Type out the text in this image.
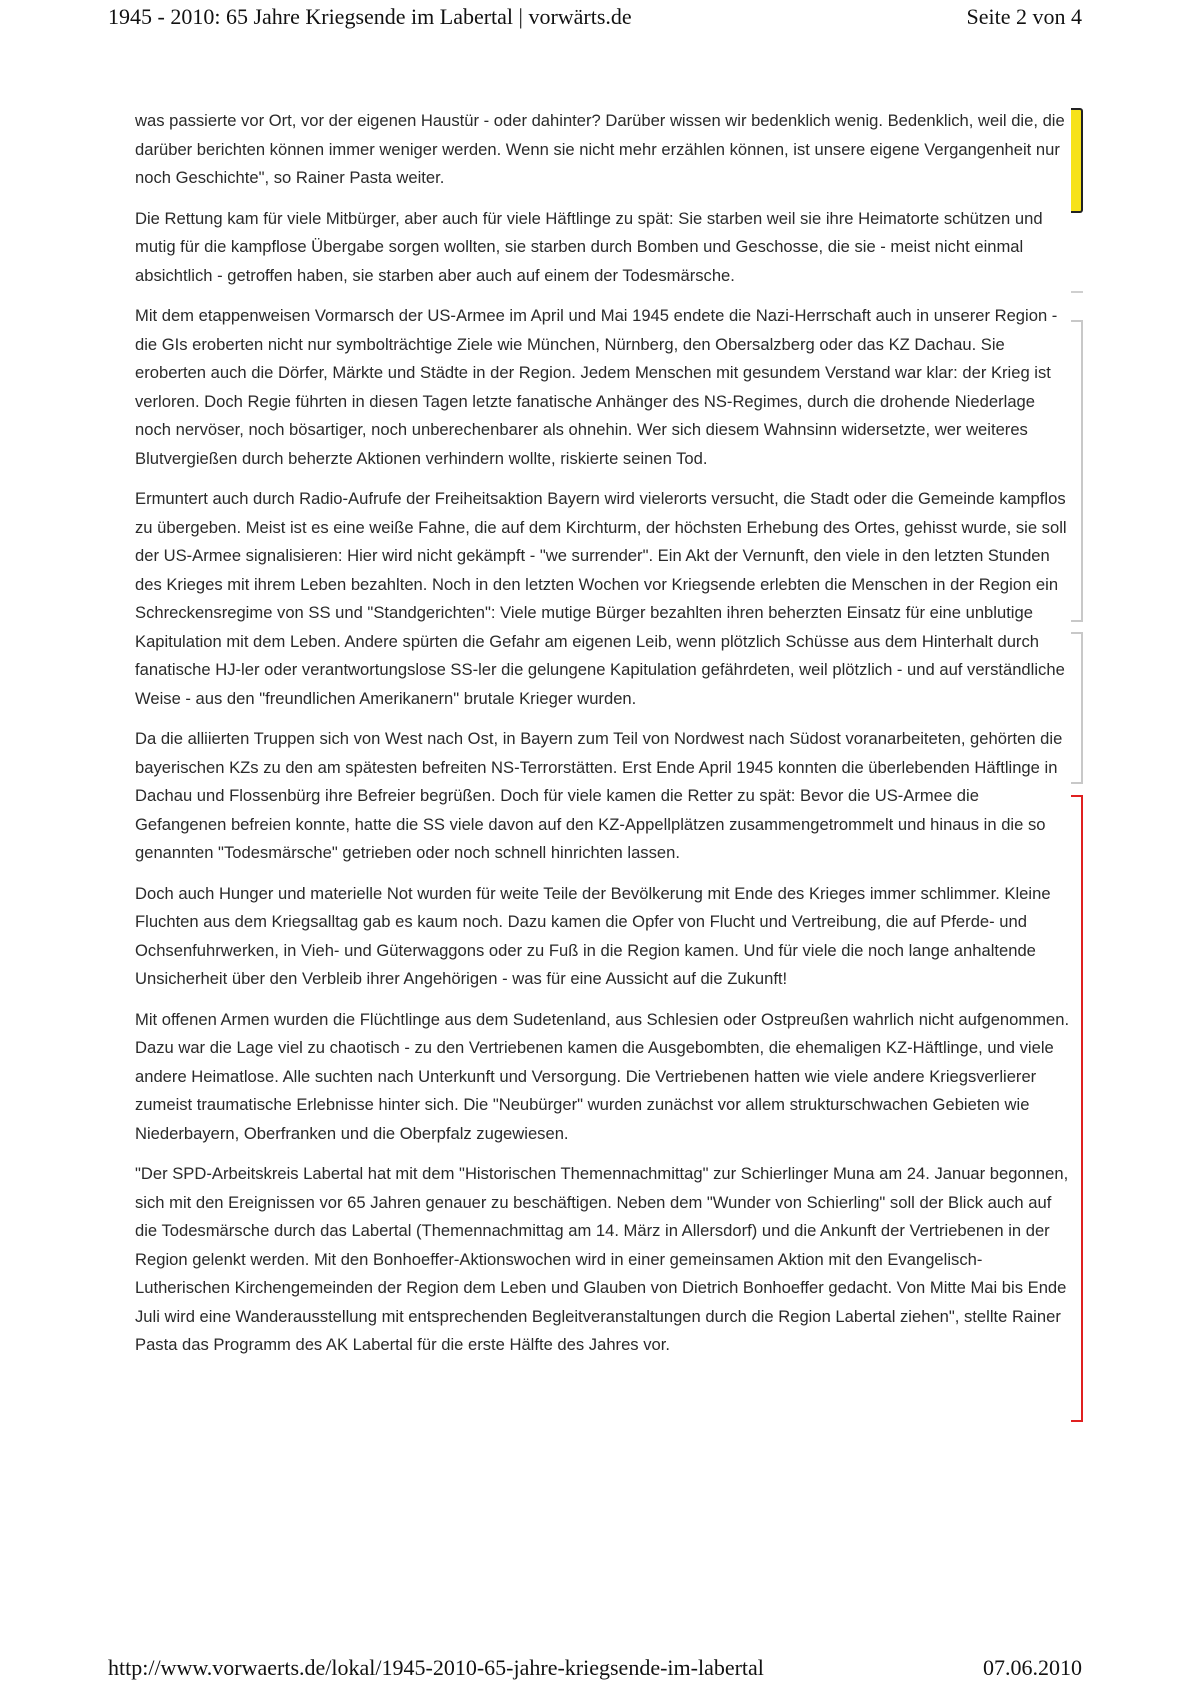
1945 - 2010: 65 Jahre Kriegsende im Labertal | vorwärts.de	Seite 2 von 4

was passierte vor Ort, vor der eigenen Haustür - oder dahinter? Darüber wissen wir bedenklich wenig. Bedenklich, weil die, die darüber berichten können immer weniger werden. Wenn sie nicht mehr erzählen können, ist unsere eigene Vergangenheit nur noch Geschichte", so Rainer Pasta weiter.

Die Rettung kam für viele Mitbürger, aber auch für viele Häftlinge zu spät: Sie starben weil sie ihre Heimatorte schützen und mutig für die kampflose Übergabe sorgen wollten, sie starben durch Bomben und Geschosse, die sie - meist nicht einmal absichtlich - getroffen haben, sie starben aber auch auf einem der Todesmärsche.

Mit dem etappenweisen Vormarsch der US-Armee im April und Mai 1945 endete die Nazi-Herrschaft auch in unserer Region - die GIs eroberten nicht nur symbolträchtige Ziele wie München, Nürnberg, den Obersalzberg oder das KZ Dachau. Sie eroberten auch die Dörfer, Märkte und Städte in der Region. Jedem Menschen mit gesundem Verstand war klar: der Krieg ist verloren. Doch Regie führten in diesen Tagen letzte fanatische Anhänger des NS-Regimes, durch die drohende Niederlage noch nervöser, noch bösartiger, noch unberechenbarer als ohnehin. Wer sich diesem Wahnsinn widersetzte, wer weiteres Blutvergießen durch beherzte Aktionen verhindern wollte, riskierte seinen Tod.

Ermuntert auch durch Radio-Aufrufe der Freiheitsaktion Bayern wird vielerorts versucht, die Stadt oder die Gemeinde kampflos zu übergeben. Meist ist es eine weiße Fahne, die auf dem Kirchturm, der höchsten Erhebung des Ortes, gehisst wurde, sie soll der US-Armee signalisieren: Hier wird nicht gekämpft - "we surrender". Ein Akt der Vernunft, den viele in den letzten Stunden des Krieges mit ihrem Leben bezahlten. Noch in den letzten Wochen vor Kriegsende erlebten die Menschen in der Region ein Schreckensregime von SS und "Standgerichten": Viele mutige Bürger bezahlten ihren beherzten Einsatz für eine unblutige Kapitulation mit dem Leben. Andere spürten die Gefahr am eigenen Leib, wenn plötzlich Schüsse aus dem Hinterhalt durch fanatische HJ-ler oder verantwortungslose SS-ler die gelungene Kapitulation gefährdeten, weil plötzlich - und auf verständliche Weise - aus den "freundlichen Amerikanern" brutale Krieger wurden.

Da die alliierten Truppen sich von West nach Ost, in Bayern zum Teil von Nordwest nach Südost voranarbeiteten, gehörten die bayerischen KZs zu den am spätesten befreiten NS-Terrorstätten. Erst Ende April 1945 konnten die überlebenden Häftlinge in Dachau und Flossenbürg ihre Befreier begrüßen. Doch für viele kamen die Retter zu spät: Bevor die US-Armee die Gefangenen befreien konnte, hatte die SS viele davon auf den KZ-Appellplätzen zusammengetrommelt und hinaus in die so genannten "Todesmärsche" getrieben oder noch schnell hinrichten lassen.

Doch auch Hunger und materielle Not wurden für weite Teile der Bevölkerung mit Ende des Krieges immer schlimmer. Kleine Fluchten aus dem Kriegsalltag gab es kaum noch. Dazu kamen die Opfer von Flucht und Vertreibung, die auf Pferde- und Ochsenfuhrwerken, in Vieh- und Güterwaggons oder zu Fuß in die Region kamen. Und für viele die noch lange anhaltende Unsicherheit über den Verbleib ihrer Angehörigen - was für eine Aussicht auf die Zukunft!

Mit offenen Armen wurden die Flüchtlinge aus dem Sudetenland, aus Schlesien oder Ostpreußen wahrlich nicht aufgenommen. Dazu war die Lage viel zu chaotisch - zu den Vertriebenen kamen die Ausgebombten, die ehemaligen KZ-Häftlinge, und viele andere Heimatlose. Alle suchten nach Unterkunft und Versorgung. Die Vertriebenen hatten wie viele andere Kriegsverlierer zumeist traumatische Erlebnisse hinter sich. Die "Neubürger" wurden zunächst vor allem strukturschwachen Gebieten wie Niederbayern, Oberfranken und die Oberpfalz zugewiesen.

"Der SPD-Arbeitskreis Labertal hat mit dem "Historischen Themennachmittag" zur Schierlinger Muna am 24. Januar begonnen, sich mit den Ereignissen vor 65 Jahren genauer zu beschäftigen. Neben dem "Wunder von Schierling" soll der Blick auch auf die Todesmärsche durch das Labertal (Themennachmittag am 14. März in Allersdorf) und die Ankunft der Vertriebenen in der Region gelenkt werden. Mit den Bonhoeffer-Aktionswochen wird in einer gemeinsamen Aktion mit den Evangelisch-Lutherischen Kirchengemeinden der Region dem Leben und Glauben von Dietrich Bonhoeffer gedacht. Von Mitte Mai bis Ende Juli wird eine Wanderausstellung mit entsprechenden Begleitveranstaltungen durch die Region Labertal ziehen", stellte Rainer Pasta das Programm des AK Labertal für die erste Hälfte des Jahres vor.

http://www.vorwaerts.de/lokal/1945-2010-65-jahre-kriegsende-im-labertal	07.06.2010
